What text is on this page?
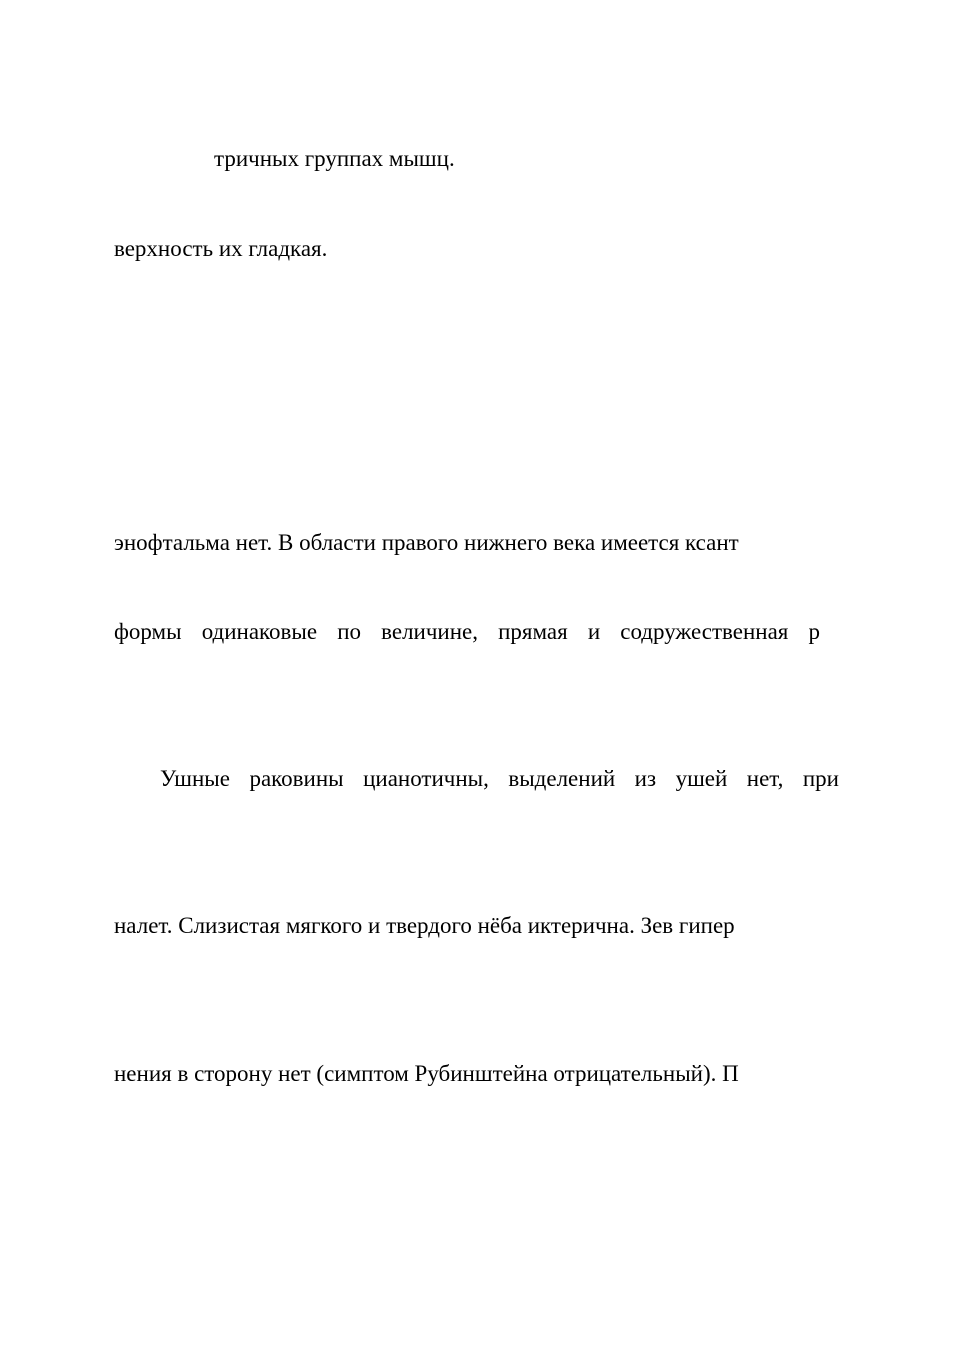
тричных группах мышц.
верхность их гладкая.
энофтальма нет. В области правого нижнего века имеется ксант
формы одинаковые по величине, прямая и содружественная р
Ушные раковины цианотичны, выделений из ушей нет, при
налет. Слизистая мягкого и твердого нёба иктерична. Зев гипер
нения в сторону нет (симптом Рубинштейна отрицательный). П
